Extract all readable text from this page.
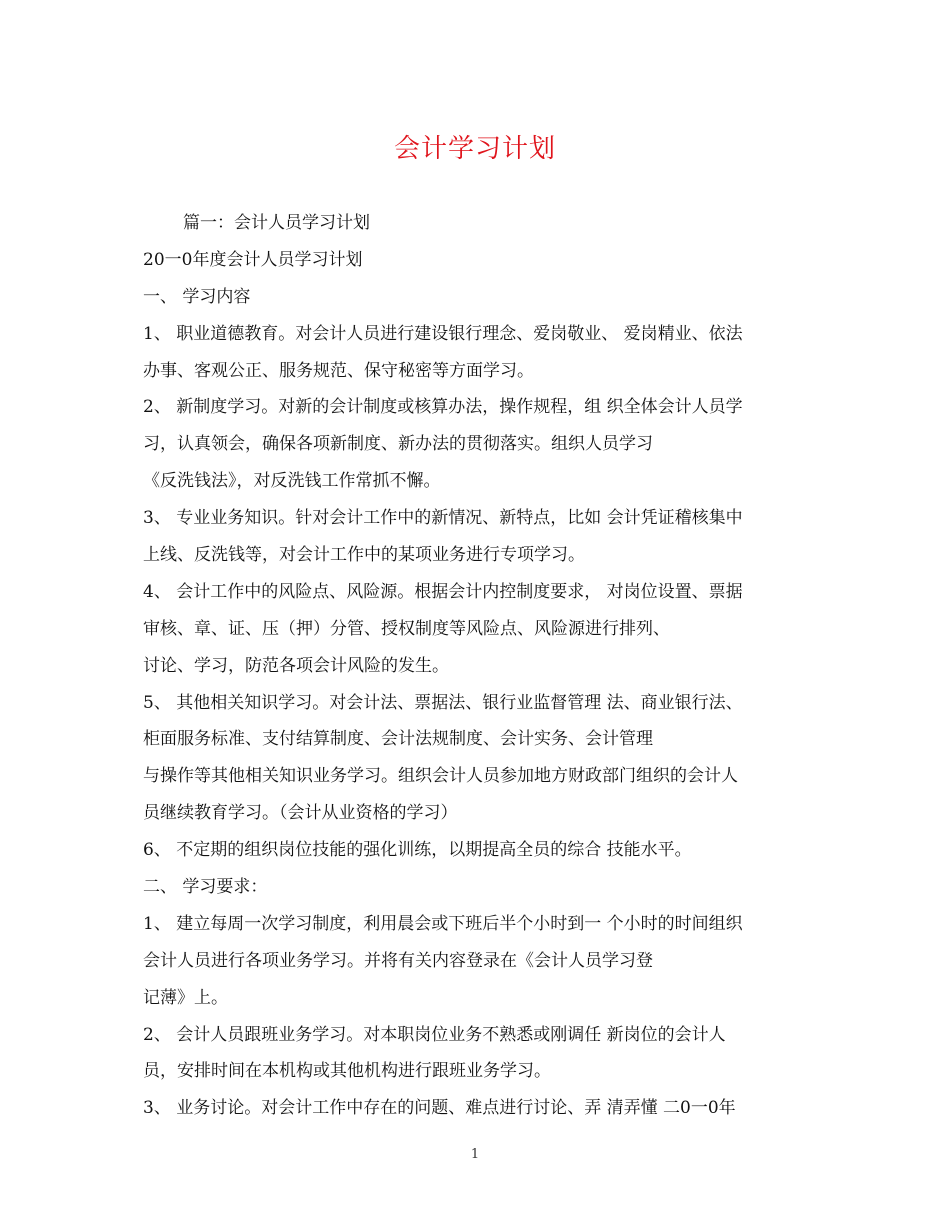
会计学习计划
篇一：会计人员学习计划
20一0年度会计人员学习计划
一、 学习内容
1、 职业道德教育。对会计人员进行建设银行理念、爱岗敬业、 爱岗精业、依法
办事、客观公正、服务规范、保守秘密等方面学习。
2、 新制度学习。对新的会计制度或核算办法，操作规程，组 织全体会计人员学
习，认真领会，确保各项新制度、新办法的贯彻落实。组织人员学习
《反洗钱法》，对反洗钱工作常抓不懈。
3、 专业业务知识。针对会计工作中的新情况、新特点，比如 会计凭证稽核集中
上线、反洗钱等，对会计工作中的某项业务进行专项学习。
4、 会计工作中的风险点、风险源。根据会计内控制度要求， 对岗位设置、票据
审核、章、证、压（押）分管、授权制度等风险点、风险源进行排列、
讨论、学习，防范各项会计风险的发生。
5、 其他相关知识学习。对会计法、票据法、银行业监督管理 法、商业银行法、
柜面服务标准、支付结算制度、会计法规制度、会计实务、会计管理
与操作等其他相关知识业务学习。组织会计人员参加地方财政部门组织的会计人
员继续教育学习。（会计从业资格的学习）
6、 不定期的组织岗位技能的强化训练，以期提高全员的综合 技能水平。
二、 学习要求：
1、 建立每周一次学习制度，利用晨会或下班后半个小时到一 个小时的时间组织
会计人员进行各项业务学习。并将有关内容登录在《会计人员学习登
记薄》上。
2、 会计人员跟班业务学习。对本职岗位业务不熟悉或刚调任 新岗位的会计人
员，安排时间在本机构或其他机构进行跟班业务学习。
3、 业务讨论。对会计工作中存在的问题、难点进行讨论、弄 清弄懂 二0一0年
1
